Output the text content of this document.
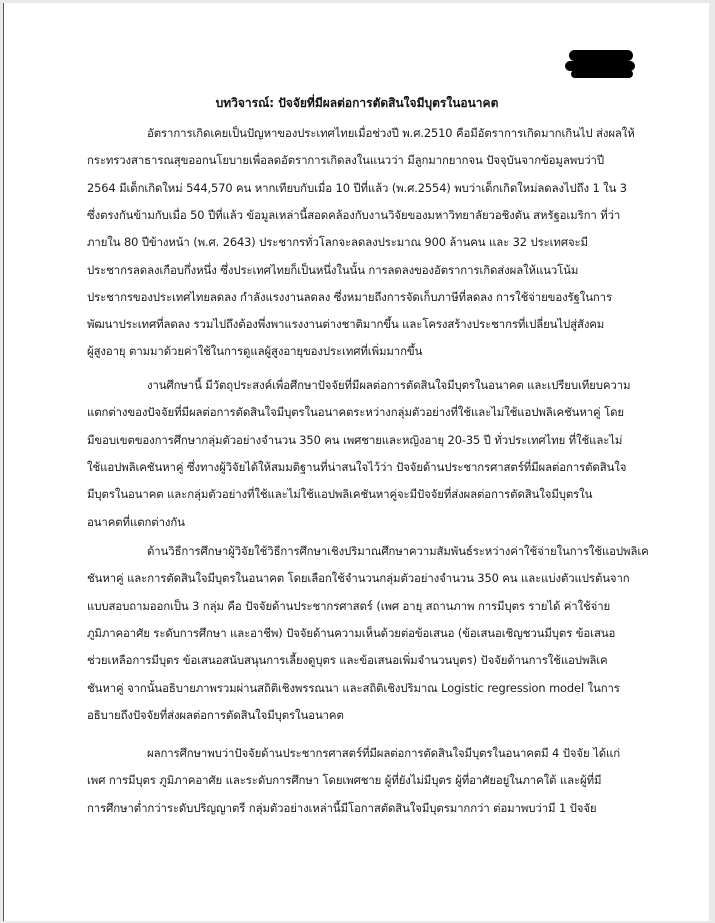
บทวิจารณ์: ปัจจัยที่มีผลต่อการตัดสินใจมีบุตรในอนาคต
อัตราการเกิดเคยเป็นปัญหาของประเทศไทยเมื่อช่วงปี พ.ศ.2510 คือมีอัตราการเกิดมากเกินไป ส่งผลให้
กระทรวงสาธารณสุขออกนโยบายเพื่อลดอัตราการเกิดลงในแนวว่า มีลูกมากยากจน ปัจจุบันจากข้อมูลพบว่าปี
2564 มีเด็กเกิดใหม่ 544,570 คน หากเทียบกับเมื่อ 10 ปีที่แล้ว (พ.ศ.2554) พบว่าเด็กเกิดใหม่ลดลงไปถึง 1 ใน 3
ซึ่งตรงกันข้ามกับเมื่อ 50 ปีที่แล้ว ข้อมูลเหล่านี้สอดคล้องกับงานวิจัยของมหาวิทยาลัยวอชิงตัน สหรัฐอเมริกา ที่ว่า
ภายใน 80 ปีข้างหน้า (พ.ศ. 2643) ประชากรทั่วโลกจะลดลงประมาณ 900 ล้านคน และ 32 ประเทศจะมี
ประชากรลดลงเกือบกึ่งหนึ่ง ซึ่งประเทศไทยก็เป็นหนึ่งในนั้น การลดลงของอัตราการเกิดส่งผลให้แนวโน้ม
ประชากรของประเทศไทยลดลง กำลังแรงงานลดลง ซึ่งหมายถึงการจัดเก็บภาษีที่ลดลง การใช้จ่ายของรัฐในการ
พัฒนาประเทศที่ลดลง รวมไปถึงต้องพึ่งพาแรงงานต่างชาติมากขึ้น และโครงสร้างประชากรที่เปลี่ยนไปสู่สังคม
ผู้สูงอายุ ตามมาด้วยค่าใช้ในการดูแลผู้สูงอายุของประเทศที่เพิ่มมากขึ้น
งานศึกษานี้ มีวัตถุประสงค์เพื่อศึกษาปัจจัยที่มีผลต่อการตัดสินใจมีบุตรในอนาคต และเปรียบเทียบความ
แตกต่างของปัจจัยที่มีผลต่อการตัดสินใจมีบุตรในอนาคตระหว่างกลุ่มตัวอย่างที่ใช้และไม่ใช้แอปพลิเคชันหาคู่ โดย
มีขอบเขตของการศึกษากลุ่มตัวอย่างจำนวน 350 คน เพศชายและหญิงอายุ 20-35 ปี ทั่วประเทศไทย ที่ใช้และไม่
ใช้แอปพลิเคชันหาคู่ ซึ่งทางผู้วิจัยได้ให้สมมติฐานที่น่าสนใจไว้ว่า ปัจจัยด้านประชากรศาสตร์ที่มีผลต่อการตัดสินใจ
มีบุตรในอนาคต และกลุ่มตัวอย่างที่ใช้และไม่ใช้แอปพลิเคชันหาคู่จะมีปัจจัยที่ส่งผลต่อการตัดสินใจมีบุตรใน
อนาคตที่แตกต่างกัน
ด้านวิธีการศึกษาผู้วิจัยใช้วิธีการศึกษาเชิงปริมาณศึกษาความสัมพันธ์ระหว่างค่าใช้จ่ายในการใช้แอปพลิเค
ชันหาคู่ และการตัดสินใจมีบุตรในอนาคต โดยเลือกใช้จำนวนกลุ่มตัวอย่างจำนวน 350 คน และแบ่งตัวแปรต้นจาก
แบบสอบถามออกเป็น 3 กลุ่ม คือ ปัจจัยด้านประชากรศาสตร์ (เพศ อายุ สถานภาพ การมีบุตร รายได้ ค่าใช้จ่าย
ภูมิภาคอาศัย ระดับการศึกษา และอาชีพ) ปัจจัยด้านความเห็นด้วยต่อข้อเสนอ (ข้อเสนอเชิญชวนมีบุตร ข้อเสนอ
ช่วยเหลือการมีบุตร ข้อเสนอสนับสนุนการเลี้ยงดูบุตร และข้อเสนอเพิ่มจำนวนบุตร) ปัจจัยด้านการใช้แอปพลิเค
ชันหาคู่ จากนั้นอธิบายภาพรวมผ่านสถิติเชิงพรรณนา และสถิติเชิงปริมาณ Logistic regression model ในการ
อธิบายถึงปัจจัยที่ส่งผลต่อการตัดสินใจมีบุตรในอนาคต
ผลการศึกษาพบว่าปัจจัยด้านประชากรศาสตร์ที่มีผลต่อการตัดสินใจมีบุตรในอนาคตมี 4 ปัจจัย ได้แก่
เพศ การมีบุตร ภูมิภาคอาศัย และระดับการศึกษา โดยเพศชาย ผู้ที่ยังไม่มีบุตร ผู้ที่อาศัยอยู่ในภาคใต้ และผู้ที่มี
การศึกษาต่ำกว่าระดับปริญญาตรี กลุ่มตัวอย่างเหล่านี้มีโอกาสตัดสินใจมีบุตรมากกว่า ต่อมาพบว่ามี 1 ปัจจัย
